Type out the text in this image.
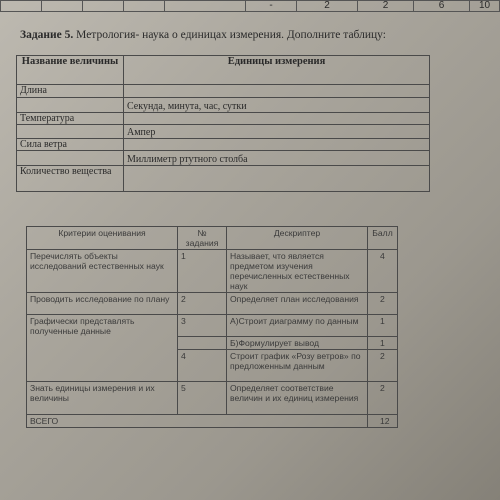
					-	2	2	6	10
Задание 5. Метрология- наука о единицах измерения. Дополните таблицу:
Название величины	Единицы измерения
Длина	
	Секунда, минута, час, сутки
Температура	
	Ампер
Сила ветра	
	Миллиметр ртутного столба
Количество вещества	
Критерии оценивания	№ задания	Дескриптер	Балл
Перечислять объекты исследований естественных наук	1	Называет, что является предметом изучения перечисленных естественных наук	4
Проводить исследование по плану	2	Определяет план исследования	2
Графически представлять полученные данные	3	А)Строит диаграмму по данным	1
		Б)Формулирует вывод	1
	4	Строит график «Розу ветров» по предложенным данным	2
Знать единицы измерения и их величины	5	Определяет соответствие величин и их единиц измерения	2
ВСЕГО			12
